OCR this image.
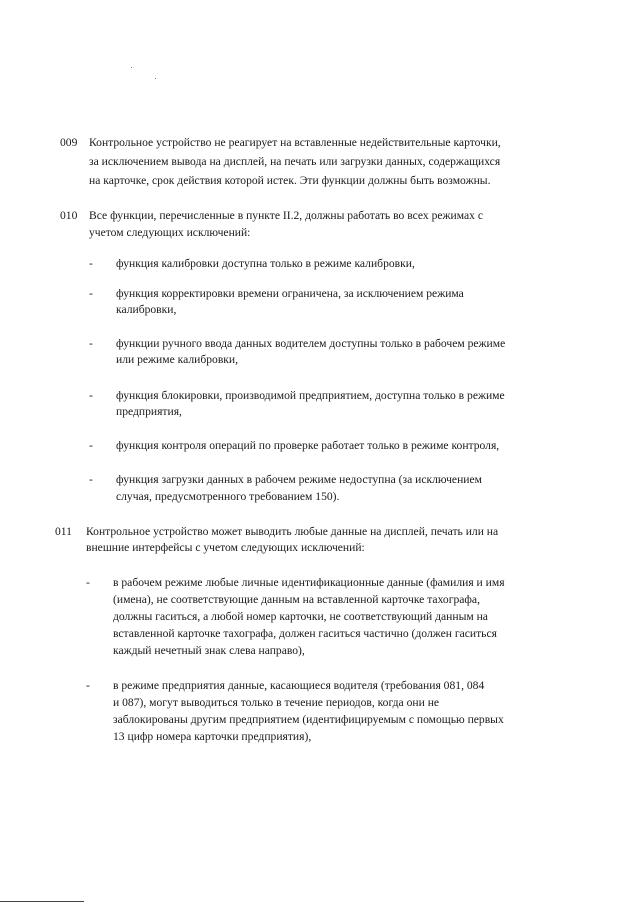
009 Контрольное устройство не реагирует на вставленные недействительные карточки,
за исключением вывода на дисплей, на печать или загрузки данных, содержащихся
на карточке, срок действия которой истек. Эти функции должны быть возможны.
010 Все функции, перечисленные в пункте II.2, должны работать во всех режимах с
учетом следующих исключений:
- функция калибровки доступна только в режиме калибровки,
- функция корректировки времени ограничена, за исключением режима
калибровки,
- функции ручного ввода данных водителем доступны только в рабочем режиме
или режиме калибровки,
- функция блокировки, производимой предприятием, доступна только в режиме
предприятия,
- функция контроля операций по проверке работает только в режиме контроля,
- функция загрузки данных в рабочем режиме недоступна (за исключением
случая, предусмотренного требованием 150).
011 Контрольное устройство может выводить любые данные на дисплей, печать или на
внешние интерфейсы с учетом следующих исключений:
- в рабочем режиме любые личные идентификационные данные (фамилия и имя
(имена), не соответствующие данным на вставленной карточке тахографа,
должны гаситься, а любой номер карточки, не соответствующий данным на
вставленной карточке тахографа, должен гаситься частично (должен гаситься
каждый нечетный знак слева направо),
- в режиме предприятия данные, касающиеся водителя (требования 081, 084
и 087), могут выводиться только в течение периодов, когда они не
заблокированы другим предприятием (идентифицируемым с помощью первых
13 цифр номера карточки предприятия),
